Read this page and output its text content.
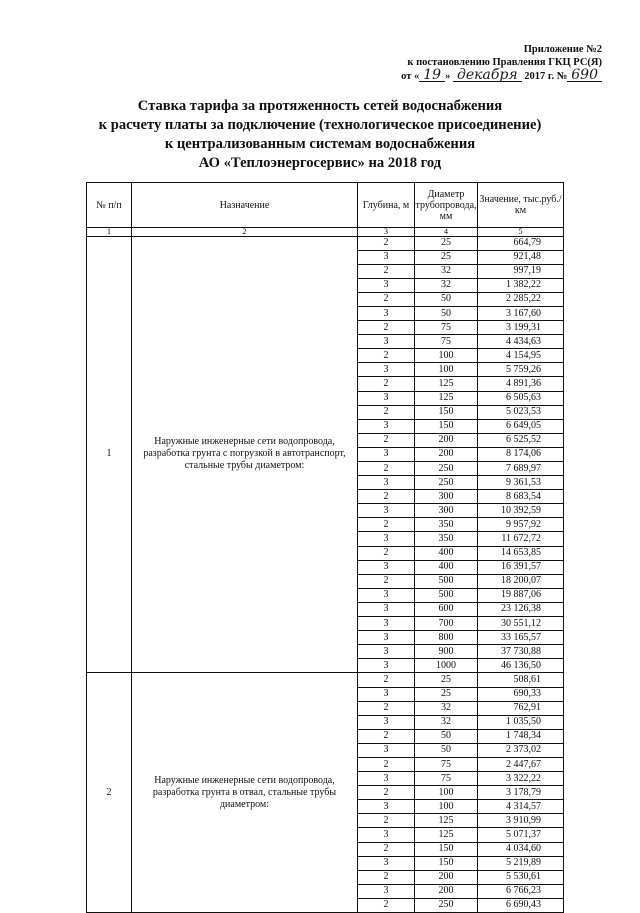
Приложение №2
к постановлению Правления ГКЦ РС(Я)
от « 19 » декабря 2017 г. № 690
Ставка тарифа за протяженность сетей водоснабжения
к расчету платы за подключение (технологическое присоединение)
к централизованным системам водоснабжения
АО «Теплоэнергосервис» на 2018 год
№ п/п	Назначение	Глубина, м	Диаметр трубопровода, мм	Значение, тыс.руб./км
1	2	3	4	5
1	Наружные инженерные сети водопровода, разработка грунта с погрузкой в автотранспорт, стальные трубы диаметром:	2	25	664,79
		3	25	921,48
		2	32	997,19
		3	32	1 382,22
		2	50	2 285,22
		3	50	3 167,60
		2	75	3 199,31
		3	75	4 434,63
		2	100	4 154,95
		3	100	5 759,26
		2	125	4 891,36
		3	125	6 505,63
		2	150	5 023,53
		3	150	6 649,05
		2	200	6 525,52
		3	200	8 174,06
		2	250	7 689,97
		3	250	9 361,53
		2	300	8 683,54
		3	300	10 392,59
		2	350	9 957,92
		3	350	11 672,72
		2	400	14 653,85
		3	400	16 391,57
		2	500	18 200,07
		3	500	19 887,06
		3	600	23 126,38
		3	700	30 551,12
		3	800	33 165,57
		3	900	37 730,88
		3	1000	46 136,50
2	Наружные инженерные сети водопровода, разработка грунта в отвал, стальные трубы диаметром:	2	25	508,61
		3	25	690,33
		2	32	762,91
		3	32	1 035,50
		2	50	1 748,34
		3	50	2 373,02
		2	75	2 447,67
		3	75	3 322,22
		2	100	3 178,79
		3	100	4 314,57
		2	125	3 910,99
		3	125	5 071,37
		2	150	4 034,60
		3	150	5 219,89
		2	200	5 530,61
		3	200	6 766,23
		2	250	6 690,43
